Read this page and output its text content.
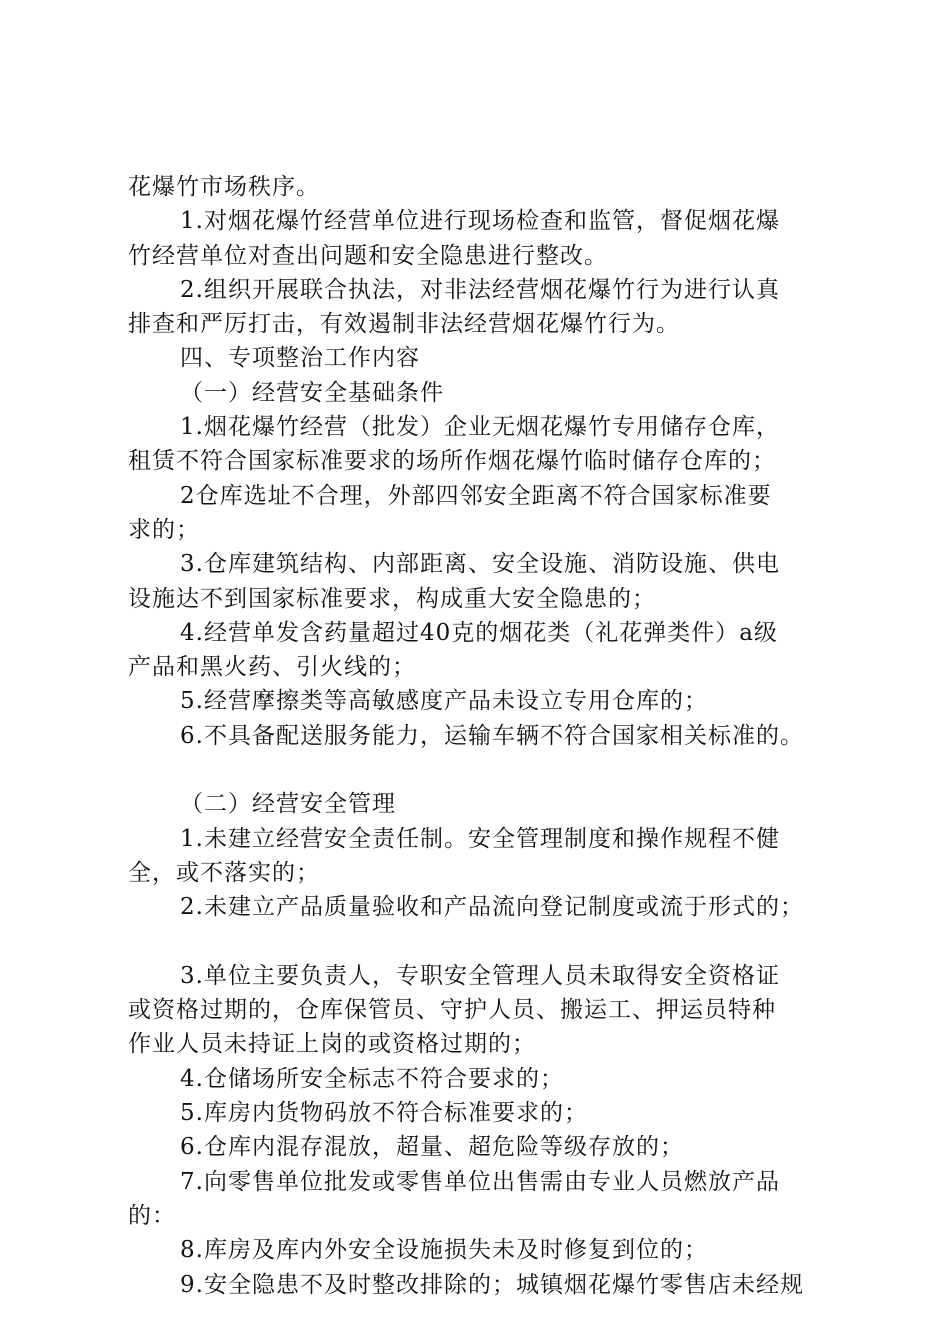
花爆竹市场秩序。

1.对烟花爆竹经营单位进行现场检查和监管，督促烟花爆

竹经营单位对查出问题和安全隐患进行整改。

2.组织开展联合执法，对非法经营烟花爆竹行为进行认真

排查和严厉打击，有效遏制非法经营烟花爆竹行为。

四、专项整治工作内容

（一）经营安全基础条件

1.烟花爆竹经营（批发）企业无烟花爆竹专用储存仓库，

租赁不符合国家标准要求的场所作烟花爆竹临时储存仓库的；

2仓库选址不合理，外部四邻安全距离不符合国家标准要

求的；

3.仓库建筑结构、内部距离、安全设施、消防设施、供电

设施达不到国家标准要求，构成重大安全隐患的；

4.经营单发含药量超过40克的烟花类（礼花弹类件）a级

产品和黑火药、引火线的；

5.经营摩擦类等高敏感度产品未设立专用仓库的；

6.不具备配送服务能力，运输车辆不符合国家相关标准的。

（二）经营安全管理

1.未建立经营安全责任制。安全管理制度和操作规程不健

全，或不落实的；

2.未建立产品质量验收和产品流向登记制度或流于形式的；

3.单位主要负责人，专职安全管理人员未取得安全资格证

或资格过期的，仓库保管员、守护人员、搬运工、押运员特种

作业人员未持证上岗的或资格过期的；

4.仓储场所安全标志不符合要求的；

5.库房内货物码放不符合标准要求的；

6.仓库内混存混放，超量、超危险等级存放的；

7.向零售单位批发或零售单位出售需由专业人员燃放产品

的：

8.库房及库内外安全设施损失未及时修复到位的；

9.安全隐患不及时整改排除的；城镇烟花爆竹零售店未经规
